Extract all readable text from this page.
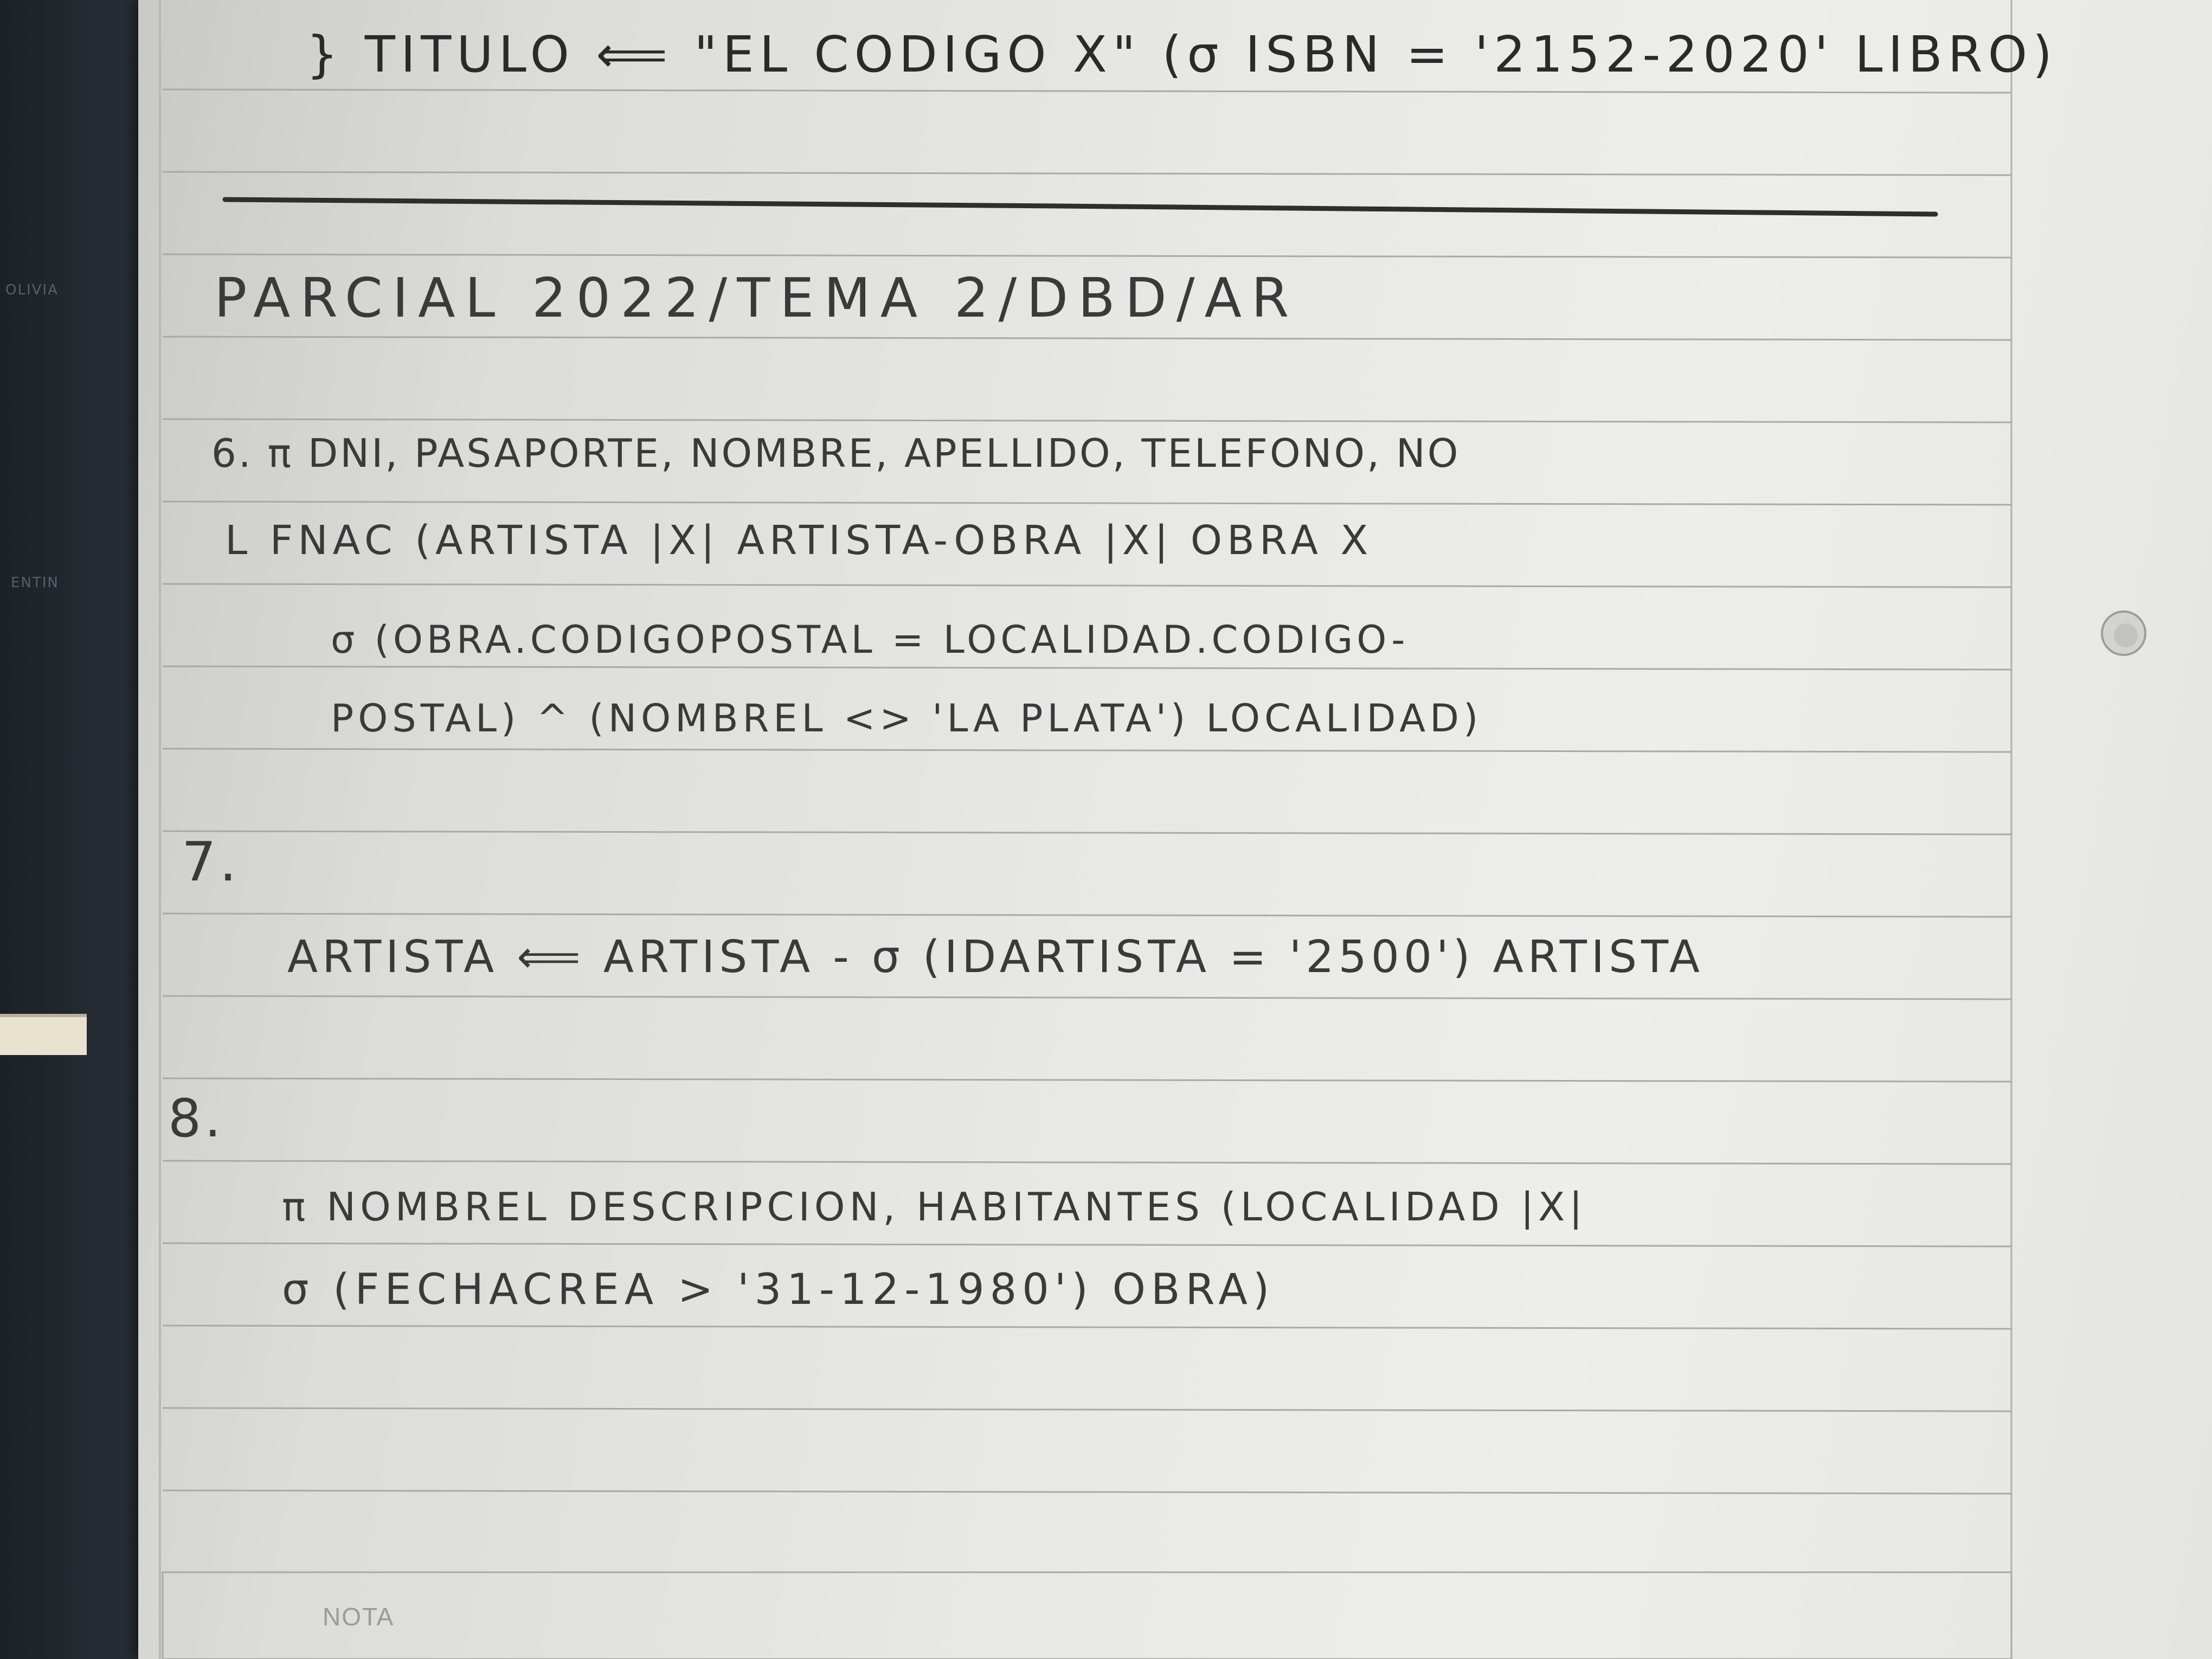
OLIVIA
ENTIN
} TITULO ⟸ "EL CODIGO X" (σ ISBN = '2152-2020' LIBRO)
PARCIAL 2022/TEMA 2/DBD/AR
6. π DNI, PASAPORTE, NOMBRE, APELLIDO, TELEFONO, NO
L FNAC (ARTISTA |X| ARTISTA-OBRA |X| OBRA X
σ (OBRA.CODIGOPOSTAL = LOCALIDAD.CODIGO-
POSTAL) ^ (NOMBREL <> 'LA PLATA') LOCALIDAD)
7.
ARTISTA ⟸ ARTISTA - σ (IDARTISTA = '2500') ARTISTA
8.
π NOMBREL DESCRIPCION, HABITANTES (LOCALIDAD |X|
σ (FECHACREA > '31-12-1980') OBRA)
NOTA
